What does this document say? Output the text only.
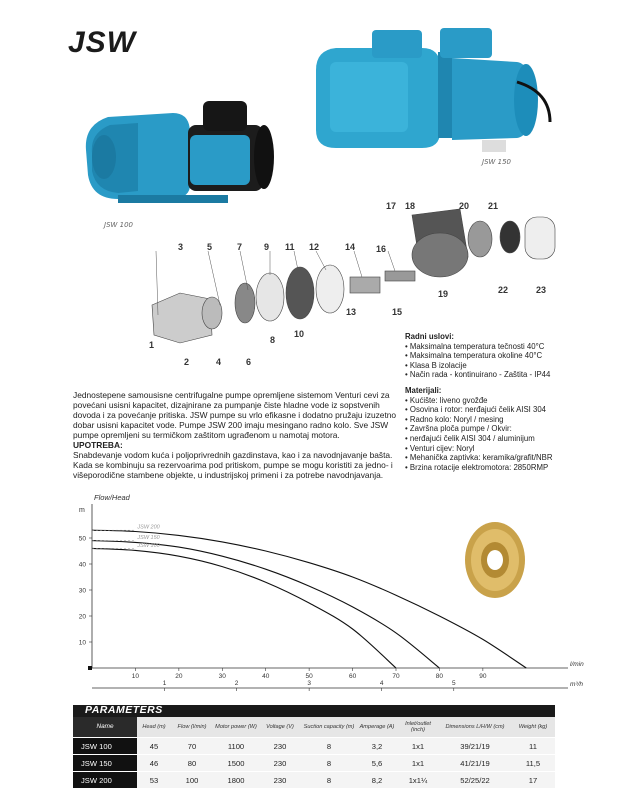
JSW
JSW 100
JSW 150
1
2
3
4
5
6
7
8
9
10
11 12
13
14
15
16
17 18
19
20 21
22	23

Jednostepene samousisne centrifugalne pumpe opremljene sistemom Venturi cevi za povećani usisni kapacitet, dizajnirane za pumpanje čiste hladne vode iz sopstvenih dovoda i za povećanje pritiska. JSW pumpe su vrlo efikasne i dodatno pružaju izuzetno dobar usisni kapacitet vode. Pumpe JSW 200 imaju mesingano radno kolo. Sve JSW pumpe opremljeni su termičkom zaštitom ugrađenom u namotaj motora.

UPOTREBA:

Snabdevanje vodom kuća i poljoprivrednih gazdinstava, kao i za navodnjavanje bašta. Kada se kombinuju sa rezervoarima pod pritiskom, pumpe se mogu koristiti za jedno- i višeporodične stambene objekte, u industrijskoj primeni i za potrebe navodnjavanja.

Radni uslovi:

• Maksimalna temperatura tečnosti 40°C
• Maksimalna temperatura okoline 40°C
• Klasa B izolacije
• Način rada - kontinuirano - Zaštita - IP44

Materijali:

• Kućište: liveno gvožđe
• Osovina i rotor: nerđajući čelik AISI 304
• Radno kolo: Noryl / mesing
• Završna ploča pumpe / Okvir:
• nerđajući čelik AISI 304 / aluminijum
• Venturi cijev: Noryl
• Mehanička zaptivka: keramika/grafit/NBR
• Brzina rotacije elektromotora: 2850RMP
Flow/Head
m
l/min
m³/h
10
20
30
40
50
10	20	30	40	50	60	70	80	90
1	2	3	4	5
JSW 200
JSW 150
JSW 100
PARAMETERS
Name	Head (m)	Flow (l/min)	Motor power (W)	Voltage (V)	Suction capacity (m)	Amperage (A)	Inlet/outlet (inch)	Dimensions L/H/W (cm)	Weight (kg)
JSW 100	45	70	1100	230	8	3,2	1x1	39/21/19	11
JSW 150	46	80	1500	230	8	5,6	1x1	41/21/19	11,5
JSW 200	53	100	1800	230	8	8,2	1x1¼	52/25/22	17
